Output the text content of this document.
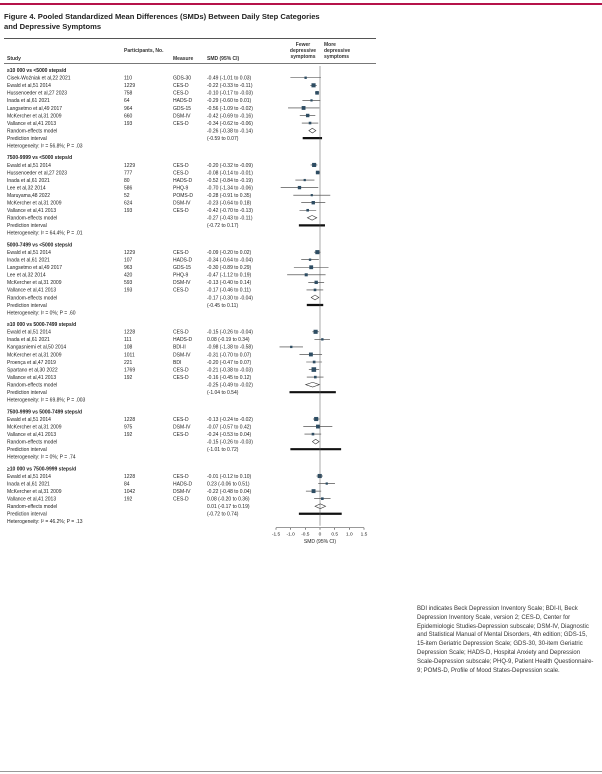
Figure 4. Pooled Standardized Mean Differences (SMDs) Between Daily Step Categories and Depressive Symptoms
Study
Participants, No.
Measure	SMD (95% CI)
Fewer depressive symptoms
More depressive symptoms
≥10 000 vs <5000 steps/d
Cisek-Woźniak et al,22 2021	110	GDS-30	-0.49 (-1.01 to 0.03)
Ewald et al,51 2014	1229	CES-D	-0.22 (-0.33 to -0.11)
Hussenoeder et al,27 2023	758	CES-D	-0.10 (-0.17 to -0.03)
Inada et al,61 2021	64	HADS-D	-0.29 (-0.60 to 0.01)
Langsetmo et al,49 2017	964	GDS-15	-0.56 (-1.09 to -0.02)
McKercher et al,31 2009	660	DSM-IV	-0.42 (-0.69 to -0.16)
Vallance et al,41 2013	193	CES-D	-0.34 (-0.62 to -0.06)
Random-effects model	-0.26 (-0.38 to -0.14)
Prediction interval	(-0.59 to 0.07)
Heterogeneity: I² = 56.8%; P = .03
7500-9999 vs <5000 steps/d
Ewald et al,51 2014	1229	CES-D	-0.20 (-0.32 to -0.09)
Hussenoeder et al,27 2023	777	CES-D	-0.08 (-0.14 to -0.01)
Inada et al,61 2021	80	HADS-D	-0.52 (-0.84 to -0.19)
Lee et al,32 2014	586	PHQ-9	-0.70 (-1.34 to -0.06)
Maruyama,48 2022	52	POMS-D	-0.28 (-0.91 to 0.35)
McKercher et al,31 2009	624	DSM-IV	-0.23 (-0.64 to 0.18)
Vallance et al,41 2013	193	CES-D	-0.42 (-0.70 to -0.13)
Random-effects model	-0.27 (-0.43 to -0.11)
Prediction interval	(-0.72 to 0.17)
Heterogeneity: I² = 64.4%; P = .01
5000-7499 vs <5000 steps/d
Ewald et al,51 2014	1229	CES-D	-0.09 (-0.20 to 0.02)
Inada et al,61 2021	107	HADS-D	-0.34 (-0.64 to -0.04)
Langsetmo et al,49 2017	963	GDS-15	-0.30 (-0.89 to 0.29)
Lee et al,32 2014	420	PHQ-9	-0.47 (-1.12 to 0.19)
McKercher et al,31 2009	593	DSM-IV	-0.13 (-0.40 to 0.14)
Vallance et al,41 2013	193	CES-D	-0.17 (-0.46 to 0.11)
Random-effects model	-0.17 (-0.30 to -0.04)
Prediction interval	(-0.45 to 0.11)
Heterogeneity: I² = 0%; P = .60
≥10 000 vs 5000-7499 steps/d
Ewald et al,51 2014	1228	CES-D	-0.15 (-0.26 to -0.04)
Inada et al,61 2021	111	HADS-D	0.08 (-0.19 to 0.34)
Kangasniemi et al,50 2014	108	BDI-II	-0.98 (-1.38 to -0.58)
McKercher et al,31 2009	1011	DSM-IV	-0.31 (-0.70 to 0.07)
Proença et al,47 2019	221	BDI	-0.20 (-0.47 to 0.07)
Spartano et al,30 2022	1769	CES-D	-0.21 (-0.38 to -0.03)
Vallance et al,41 2013	192	CES-D	-0.16 (-0.45 to 0.12)
Random-effects model	-0.25 (-0.49 to -0.02)
Prediction interval	(-1.04 to 0.54)
Heterogeneity: I² = 69.8%; P = .003
7500-9999 vs 5000-7499 steps/d
Ewald et al,51 2014	1228	CES-D	-0.13 (-0.24 to -0.02)
McKercher et al,31 2009	975	DSM-IV	-0.07 (-0.57 to 0.42)
Vallance et al,41 2013	192	CES-D	-0.24 (-0.53 to 0.04)
Random-effects model	-0.15 (-0.26 to -0.03)
Prediction interval	(-1.01 to 0.72)
Heterogeneity: I² = 0%; P = .74
≥10 000 vs 7500-9999 steps/d
Ewald et al,51 2014	1228	CES-D	-0.01 (-0.12 to 0.10)
Inada et al,61 2021	84	HADS-D	0.23 (-0.06 to 0.51)
McKercher et al,31 2009	1042	DSM-IV	-0.22 (-0.48 to 0.04)
Vallance et al,41 2013	192	CES-D	0.08 (-0.20 to 0.36)
Random-effects model	0.01 (-0.17 to 0.19)
Prediction interval	(-0.72 to 0.74)
Heterogeneity: I² = 46.2%; P = .13
-1.5 -1.0 -0.5 0 0.5 1.0 1.5
SMD (95% CI)
BDI indicates Beck Depression Inventory Scale; BDI-II, Beck Depression Inventory Scale, version 2; CES-D, Center for Epidemiologic Studies-Depression subscale; DSM-IV, Diagnostic and Statistical Manual of Mental Disorders, 4th edition; GDS-15, 15-item Geriatric Depression Scale; GDS-30, 30-item Geriatric Depression Scale; HADS-D, Hospital Anxiety and Depression Scale-Depression subscale; PHQ-9, Patient Health Questionnaire-9; POMS-D, Profile of Mood States-Depression scale.
